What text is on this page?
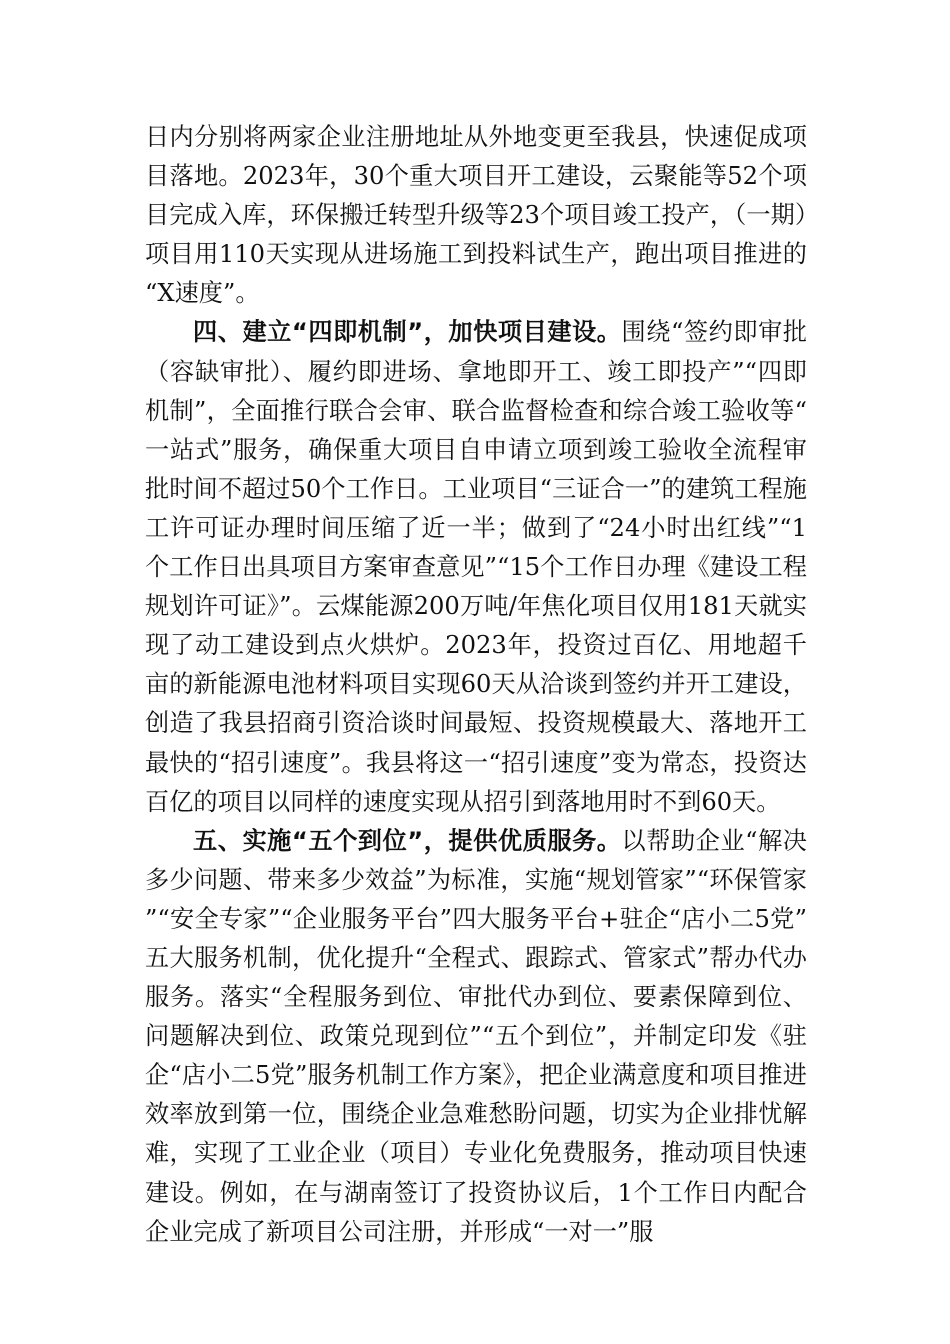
日内分别将两家企业注册地址从外地变更至我县，快速促成项目落地。2023年，30个重大项目开工建设，云聚能等52个项目完成入库，环保搬迁转型升级等23个项目竣工投产，（一期）项目用110天实现从进场施工到投料试生产，跑出项目推进的“X速度”。

四、建立“四即机制”，加快项目建设。围绕“签约即审批（容缺审批）、履约即进场、拿地即开工、竣工即投产”“四即机制”，全面推行联合会审、联合监督检查和综合竣工验收等“一站式”服务，确保重大项目自申请立项到竣工验收全流程审批时间不超过50个工作日。工业项目“三证合一”的建筑工程施工许可证办理时间压缩了近一半；做到了“24小时出红线”“1个工作日出具项目方案审查意见”“15个工作日办理《建设工程规划许可证》”。云煤能源200万吨/年焦化项目仅用181天就实现了动工建设到点火烘炉。2023年，投资过百亿、用地超千亩的新能源电池材料项目实现60天从洽谈到签约并开工建设，创造了我县招商引资洽谈时间最短、投资规模最大、落地开工最快的“招引速度”。我县将这一“招引速度”变为常态，投资达百亿的项目以同样的速度实现从招引到落地用时不到60天。

五、实施“五个到位”，提供优质服务。以帮助企业“解决多少问题、带来多少效益”为标准，实施“规划管家”“环保管家”“安全专家”“企业服务平台”四大服务平台+驻企“店小二5党”五大服务机制，优化提升“全程式、跟踪式、管家式”帮办代办服务。落实“全程服务到位、审批代办到位、要素保障到位、问题解决到位、政策兑现到位”“五个到位”，并制定印发《驻企“店小二5党”服务机制工作方案》，把企业满意度和项目推进效率放到第一位，围绕企业急难愁盼问题，切实为企业排忧解难，实现了工业企业（项目）专业化免费服务，推动项目快速建设。例如，在与湖南签订了投资协议后，1个工作日内配合企业完成了新项目公司注册，并形成“一对一”服
